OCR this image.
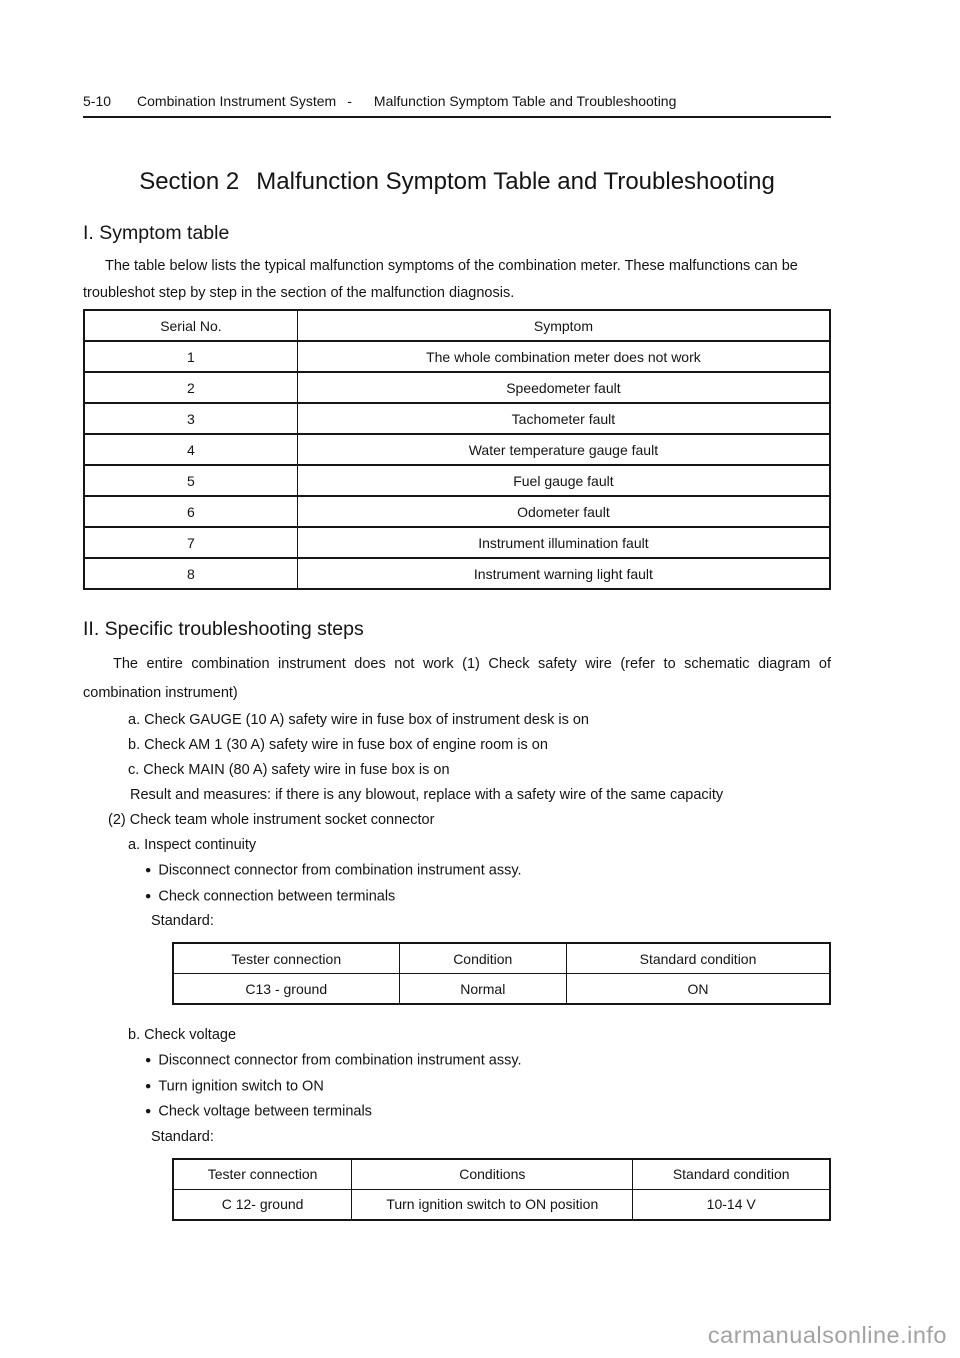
5-10 Combination Instrument System - Malfunction Symptom Table and Troubleshooting
Section 2 Malfunction Symptom Table and Troubleshooting
I. Symptom table

The table below lists the typical malfunction symptoms of the combination meter. These malfunctions can be troubleshot step by step in the section of the malfunction diagnosis.

Serial No.	Symptom
1	The whole combination meter does not work
2	Speedometer fault
3	Tachometer fault
4	Water temperature gauge fault
5	Fuel gauge fault
6	Odometer fault
7	Instrument illumination fault
8	Instrument warning light fault
II. Specific troubleshooting steps

The entire combination instrument does not work (1) Check safety wire (refer to schematic diagram of combination instrument)

a. Check GAUGE (10 A) safety wire in fuse box of instrument desk is on
b. Check AM 1 (30 A) safety wire in fuse box of engine room is on
c. Check MAIN (80 A) safety wire in fuse box is on
Result and measures: if there is any blowout, replace with a safety wire of the same capacity
(2) Check team whole instrument socket connector
a. Inspect continuity
● Disconnect connector from combination instrument assy.
● Check connection between terminals
Standard:
Tester connection	Condition	Standard condition
C13 - ground	Normal	ON
b. Check voltage
● Disconnect connector from combination instrument assy.
● Turn ignition switch to ON
● Check voltage between terminals
Standard:
Tester connection	Conditions	Standard condition
C 12- ground	Turn ignition switch to ON position	10-14 V
carmanualsonline.info
